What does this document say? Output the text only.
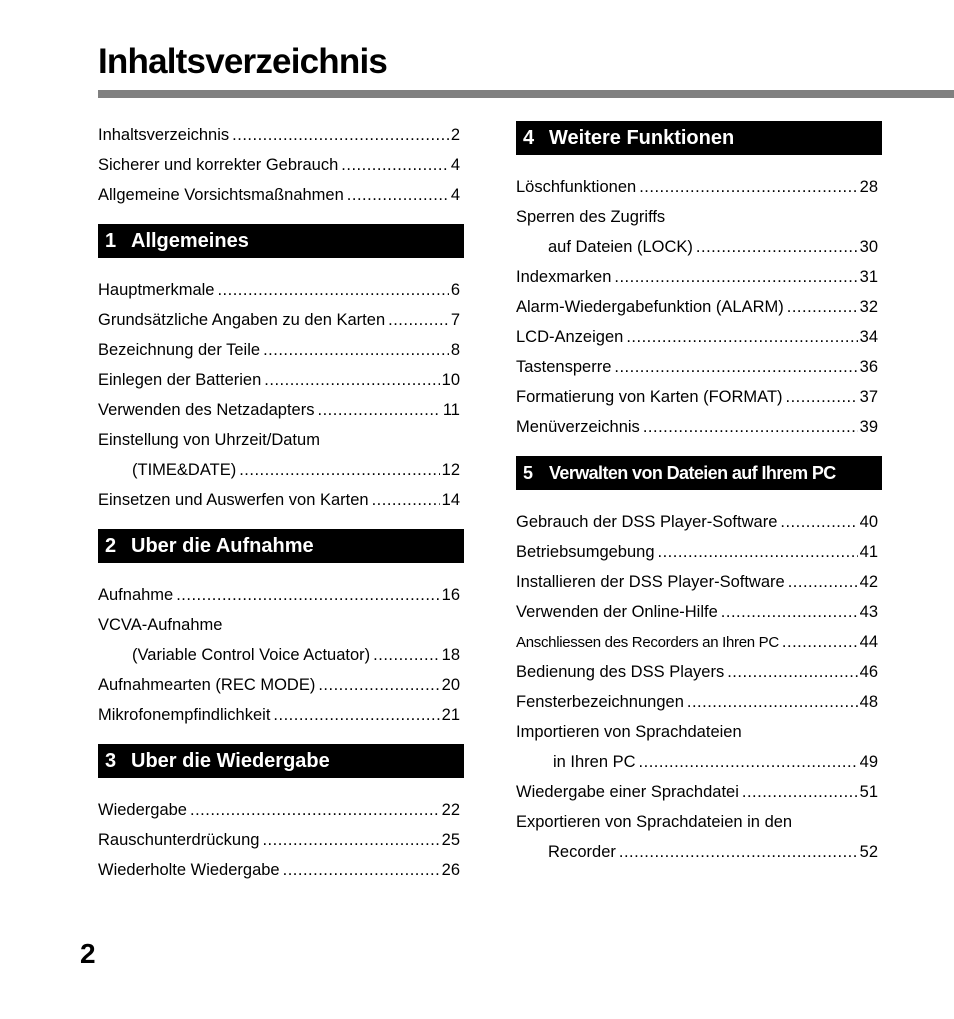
Inhaltsverzeichnis
Inhaltsverzeichnis .....	2
Sicherer und korrekter Gebrauch .....	4
Allgemeine Vorsichtsmaßnahmen .....	4
1 Allgemeines
Hauptmerkmale .....	6
Grundsätzliche Angaben zu den Karten .....	7
Bezeichnung der Teile .....	8
Einlegen der Batterien .....	10
Verwenden des Netzadapters .....	11
Einstellung von Uhrzeit/Datum
(TIME&DATE) .....	12
Einsetzen und Auswerfen von Karten .....	14
2 Uber die Aufnahme
Aufnahme .....	16
VCVA-Aufnahme
(Variable Control Voice Actuator) .....	18
Aufnahmearten (REC MODE) .....	20
Mikrofonempfindlichkeit .....	21
3 Uber die Wiedergabe
Wiedergabe .....	22
Rauschunterdrückung .....	25
Wiederholte Wiedergabe .....	26
4 Weitere Funktionen
Löschfunktionen .....	28
Sperren des Zugriffs
auf Dateien (LOCK) .....	30
Indexmarken .....	31
Alarm-Wiedergabefunktion (ALARM) .....	32
LCD-Anzeigen .....	34
Tastensperre .....	36
Formatierung von Karten (FORMAT) .....	37
Menüverzeichnis .....	39
5 Verwalten von Dateien auf Ihrem PC
Gebrauch der DSS Player-Software .....	40
Betriebsumgebung .....	41
Installieren der DSS Player-Software .....	42
Verwenden der Online-Hilfe .....	43
Anschliessen des Recorders an Ihren PC .....	44
Bedienung des DSS Players .....	46
Fensterbezeichnungen .....	48
Importieren von Sprachdateien
in Ihren PC .....	49
Wiedergabe einer Sprachdatei .....	51
Exportieren von Sprachdateien in den
Recorder .....	52
2
